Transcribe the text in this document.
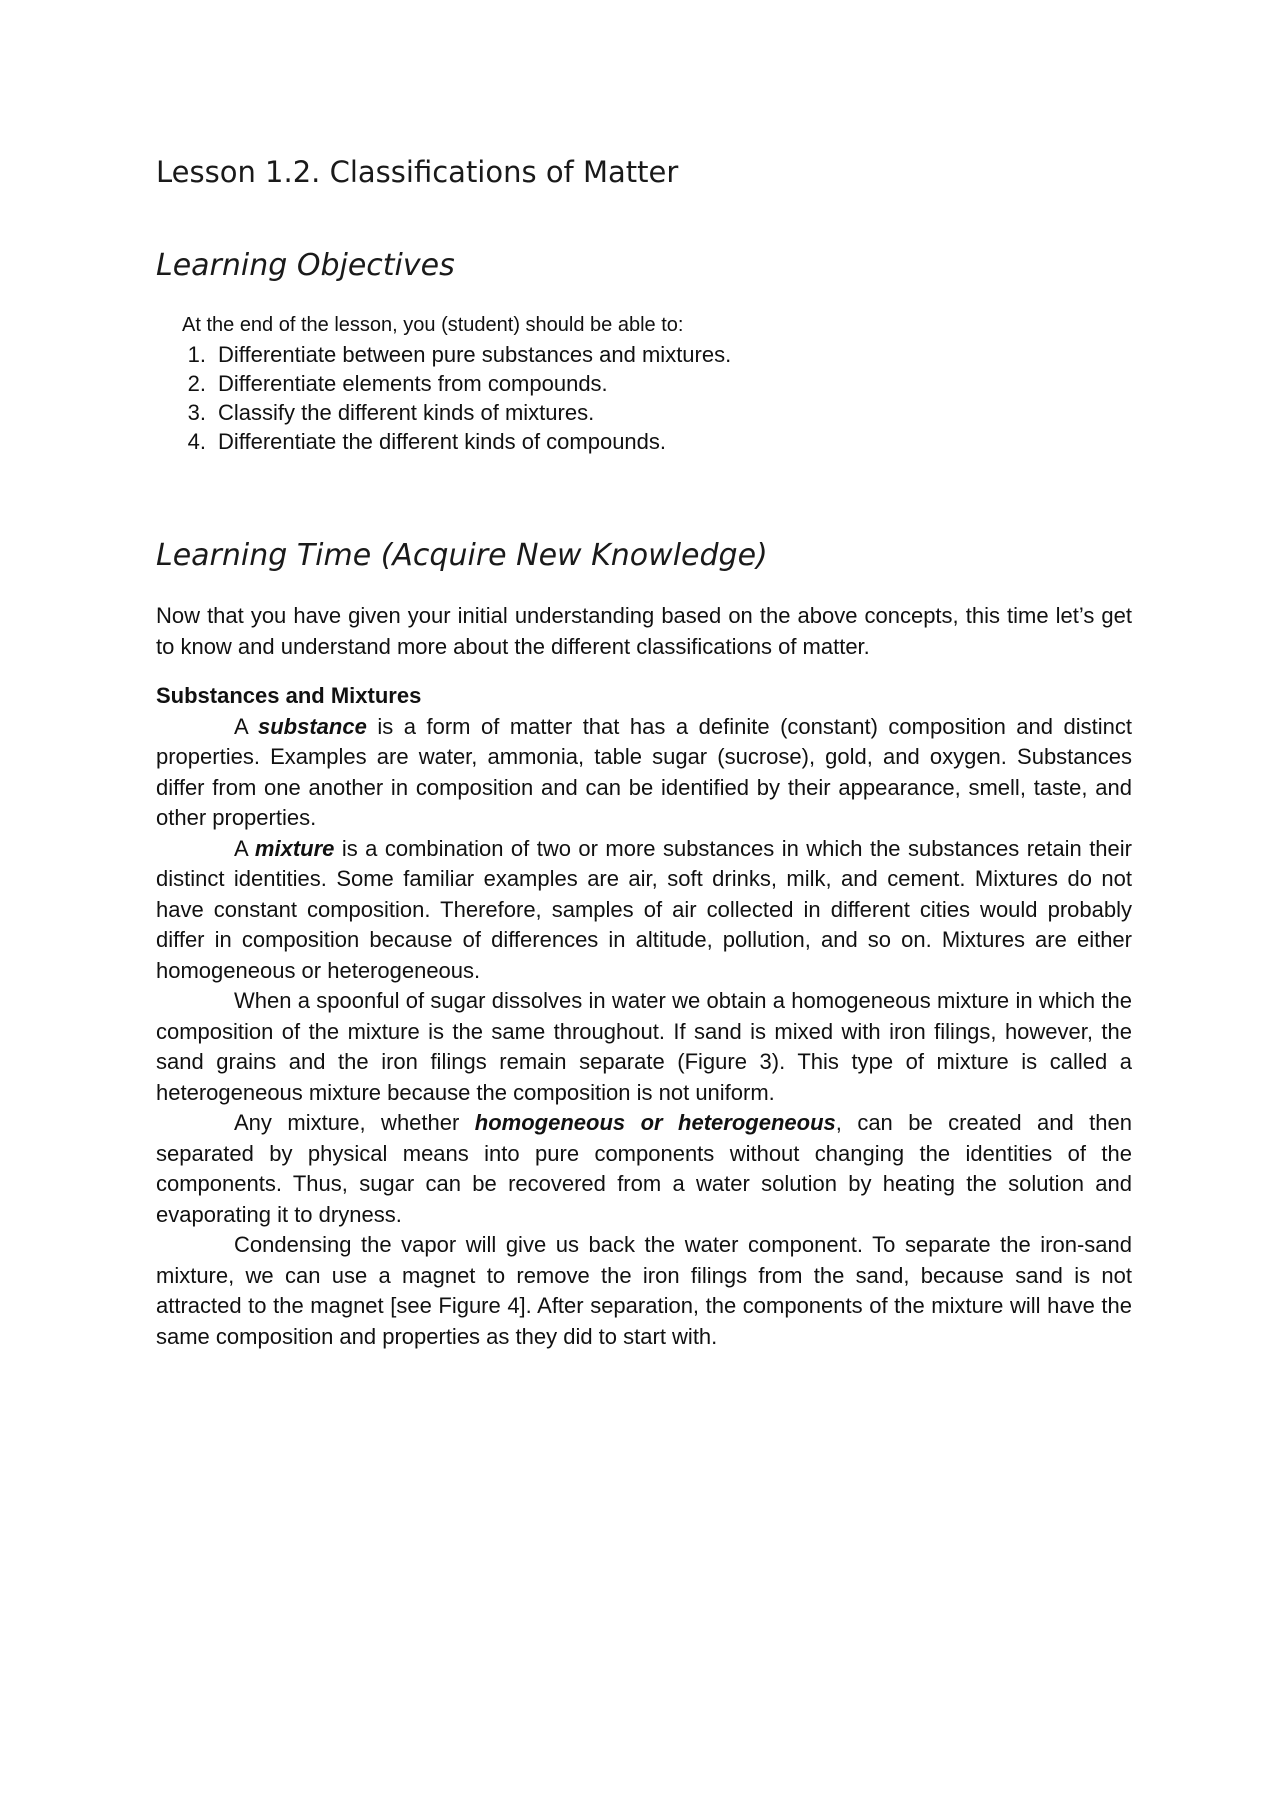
Lesson 1.2. Classifications of Matter
Learning Objectives

At the end of the lesson, you (student) should be able to:

1. Differentiate between pure substances and mixtures.
2. Differentiate elements from compounds.
3. Classify the different kinds of mixtures.
4. Differentiate the different kinds of compounds.
Learning Time (Acquire New Knowledge)

Now that you have given your initial understanding based on the above concepts, this time let’s get to know and understand more about the different classifications of matter.

Substances and Mixtures

A substance is a form of matter that has a definite (constant) composition and distinct properties. Examples are water, ammonia, table sugar (sucrose), gold, and oxygen. Substances differ from one another in composition and can be identified by their appearance, smell, taste, and other properties.

A mixture is a combination of two or more substances in which the substances retain their distinct identities. Some familiar examples are air, soft drinks, milk, and cement. Mixtures do not have constant composition. Therefore, samples of air collected in different cities would probably differ in composition because of differences in altitude, pollution, and so on. Mixtures are either homogeneous or heterogeneous.

When a spoonful of sugar dissolves in water we obtain a homogeneous mixture in which the composition of the mixture is the same throughout. If sand is mixed with iron filings, however, the sand grains and the iron filings remain separate (Figure 3). This type of mixture is called a heterogeneous mixture because the composition is not uniform.

Any mixture, whether homogeneous or heterogeneous, can be created and then separated by physical means into pure components without changing the identities of the components. Thus, sugar can be recovered from a water solution by heating the solution and evaporating it to dryness.

Condensing the vapor will give us back the water component. To separate the iron-sand mixture, we can use a magnet to remove the iron filings from the sand, because sand is not attracted to the magnet [see Figure 4]. After separation, the components of the mixture will have the same composition and properties as they did to start with.
